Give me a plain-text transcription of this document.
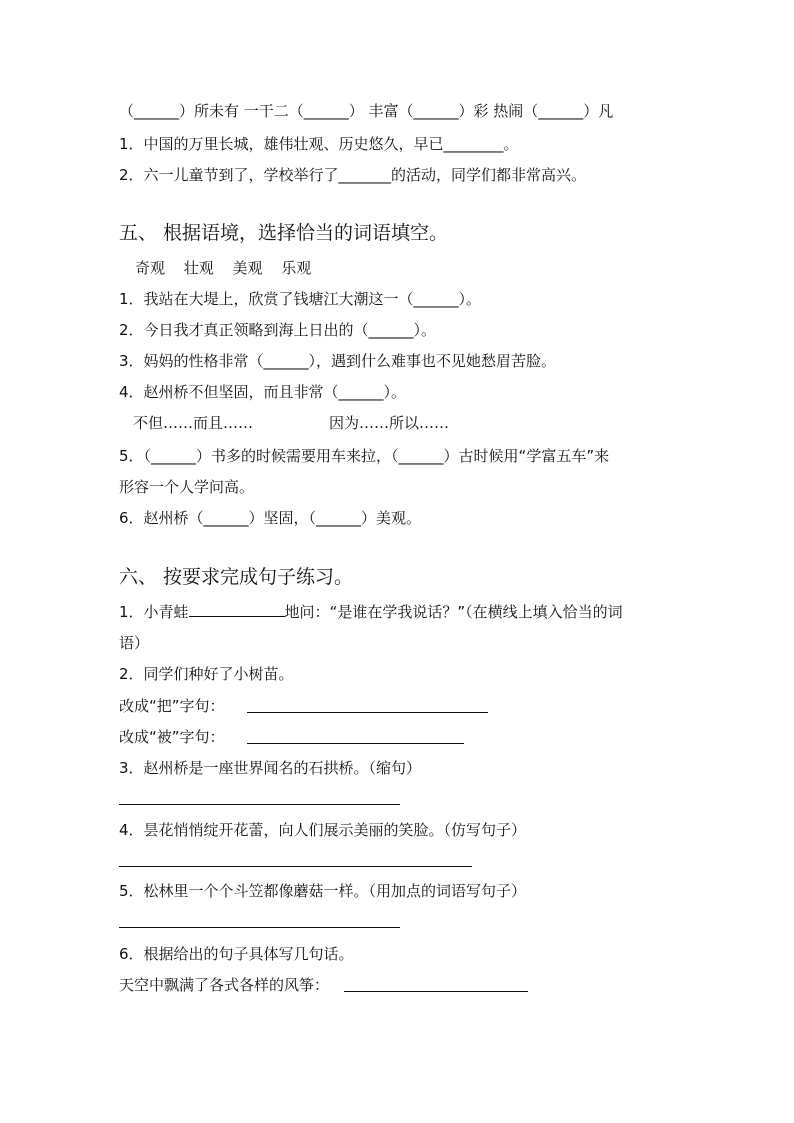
（______）所未有 一干二（______） 丰富（______）彩 热闹（______）凡
1．中国的万里长城，雄伟壮观、历史悠久，早已________。
2．六一儿童节到了，学校举行了_______的活动，同学们都非常高兴。
五、 根据语境，选择恰当的词语填空。
奇观 壮观 美观 乐观
1．我站在大堤上，欣赏了钱塘江大潮这一（______）。
2．今日我才真正领略到海上日出的（______）。
3．妈妈的性格非常（______），遇到什么难事也不见她愁眉苦脸。
4．赵州桥不但坚固，而且非常（______）。
不但……而且……	因为……所以……
5．（______）书多的时候需要用车来拉，（______）古时候用“学富五车”来
形容一个人学问高。
6．赵州桥（______）坚固，（______）美观。
六、 按要求完成句子练习。
1．小青蛙	地问：“是谁在学我说话？”（在横线上填入恰当的词
语）
2．同学们种好了小树苗。
改成“把”字句：
改成“被”字句：
3．赵州桥是一座世界闻名的石拱桥。（缩句）
4．昙花悄悄绽开花蕾，向人们展示美丽的笑脸。（仿写句子）
5．松林里一个个斗笠都像蘑菇一样。（用加点的词语写句子）
6．根据给出的句子具体写几句话。
天空中飘满了各式各样的风筝：
